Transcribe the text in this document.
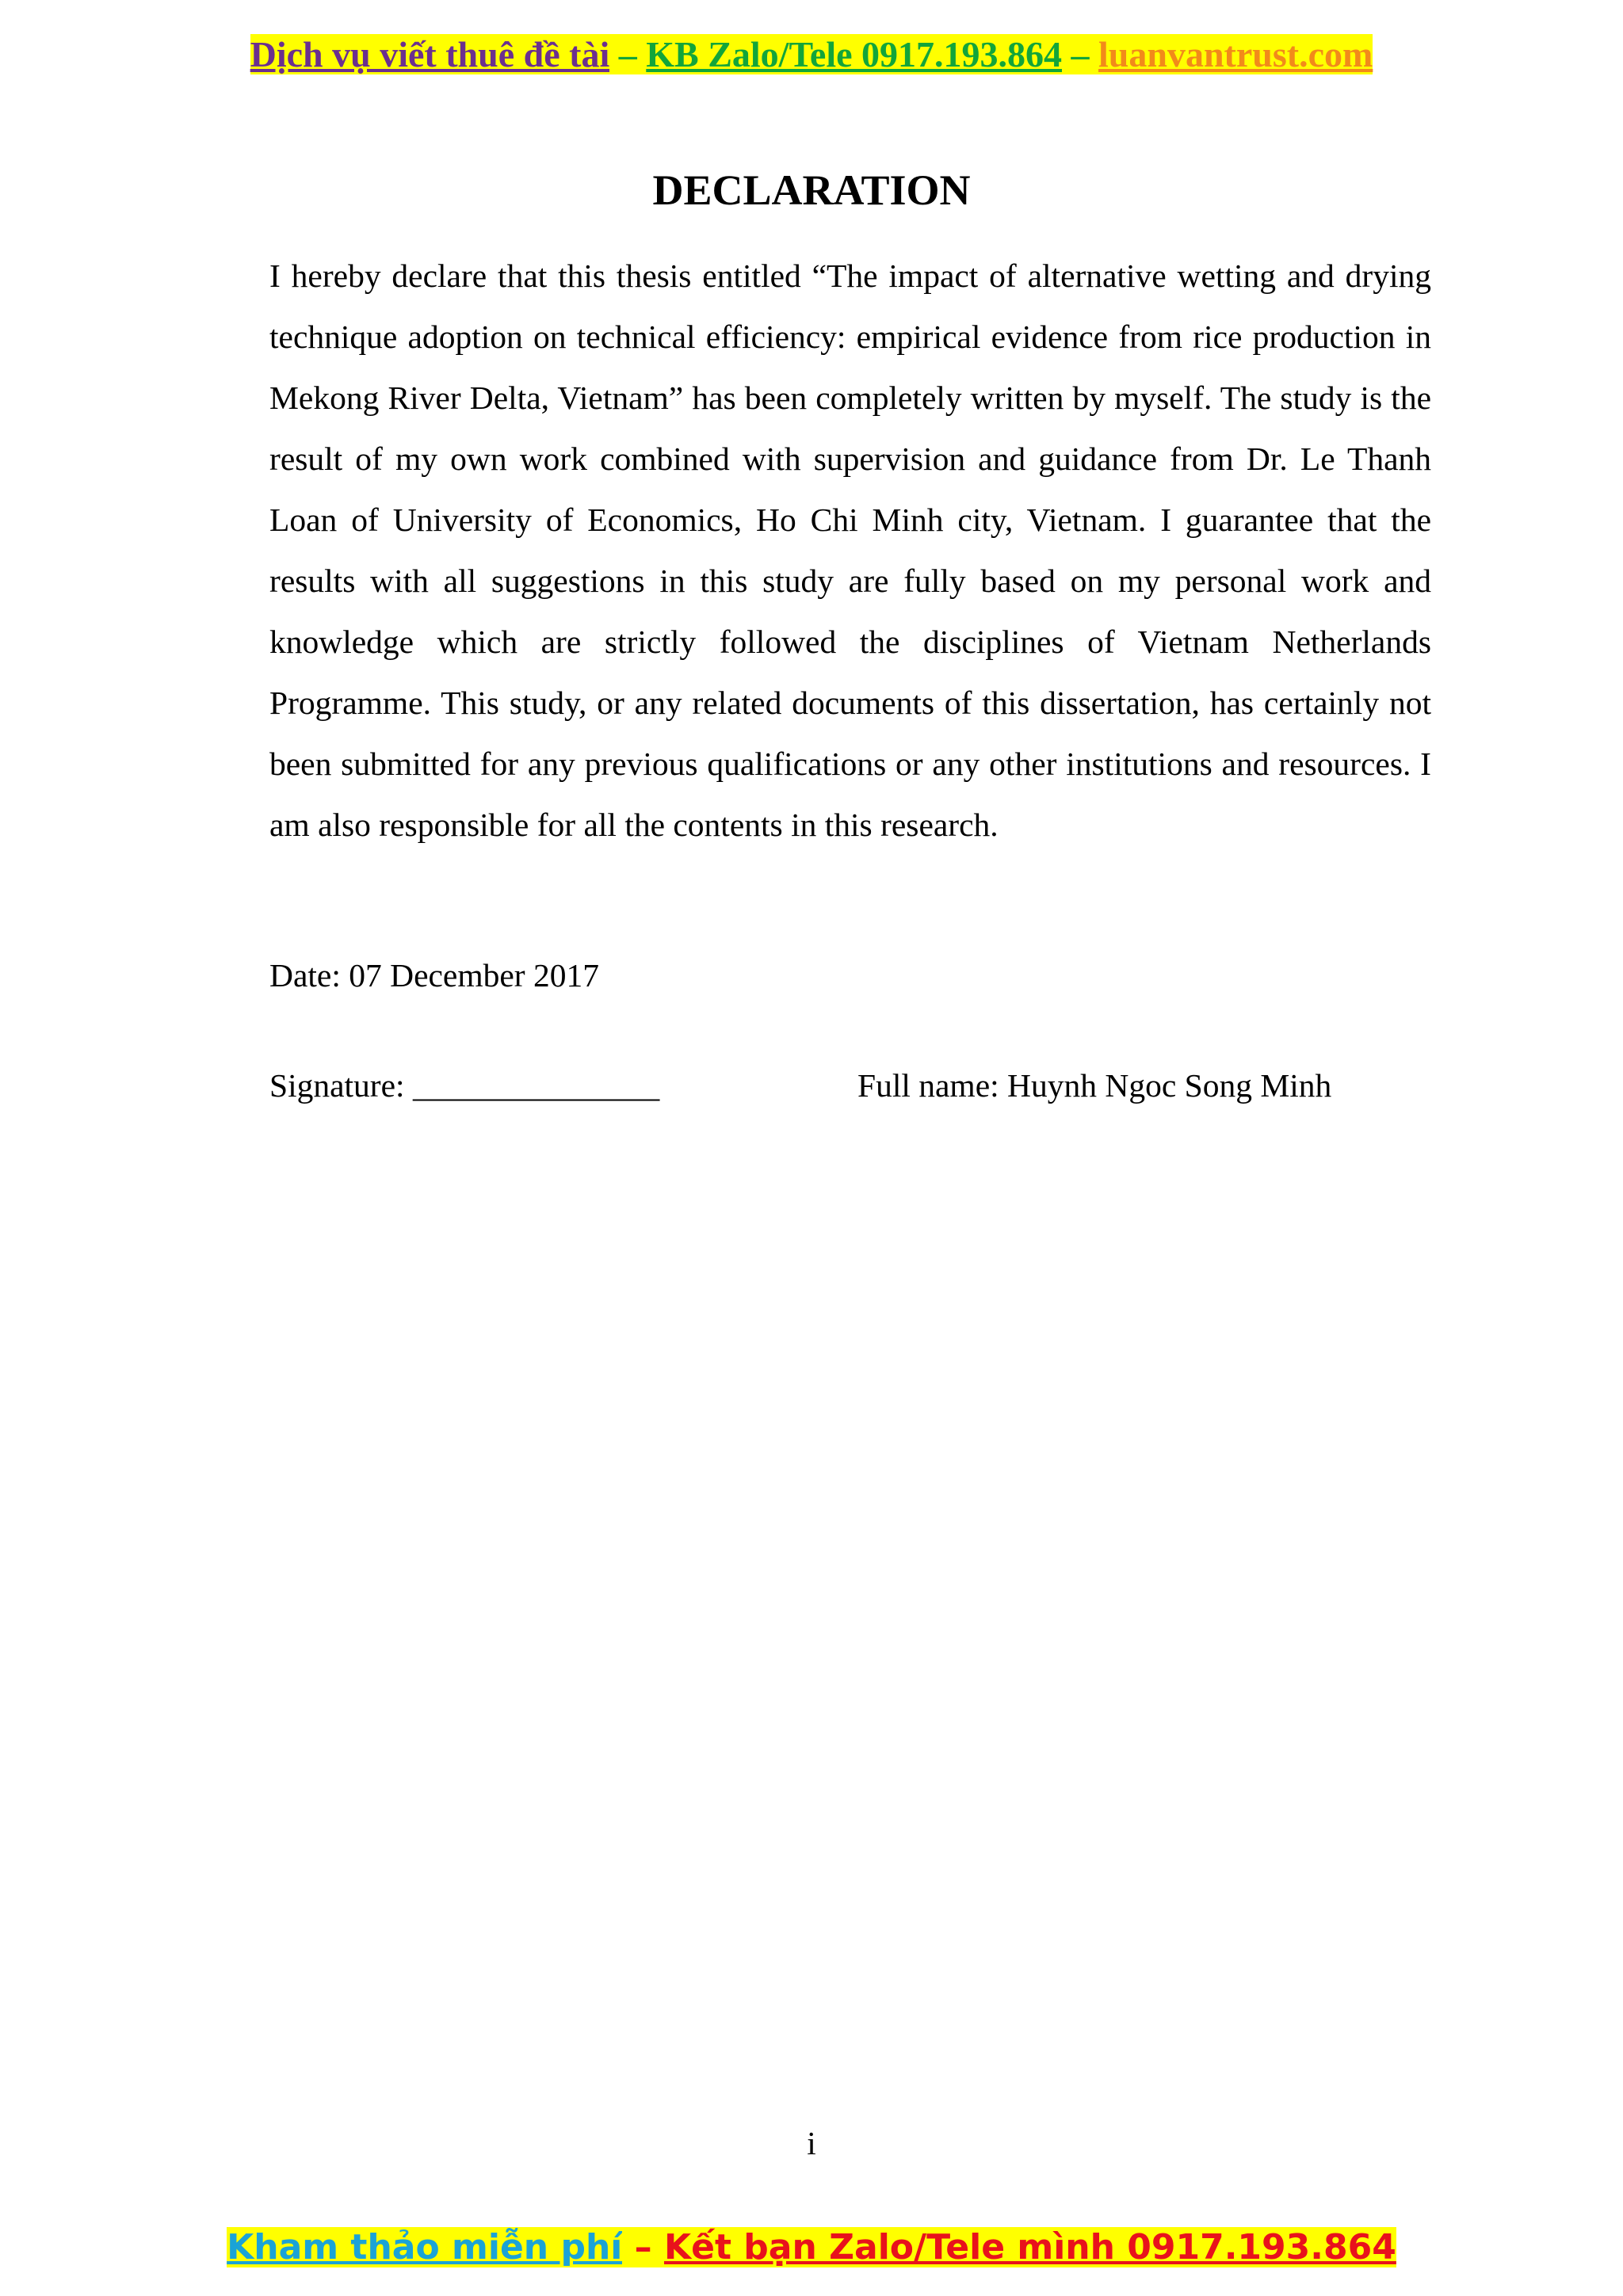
Dịch vụ viết thuê đề tài – KB Zalo/Tele 0917.193.864 – luanvantrust.com
DECLARATION
I hereby declare that this thesis entitled “The impact of alternative wetting and drying technique adoption on technical efficiency: empirical evidence from rice production in Mekong River Delta, Vietnam” has been completely written by myself. The study is the result of my own work combined with supervision and guidance from Dr. Le Thanh Loan of University of Economics, Ho Chi Minh city, Vietnam. I guarantee that the results with all suggestions in this study are fully based on my personal work and knowledge which are strictly followed the disciplines of Vietnam Netherlands Programme. This study, or any related documents of this dissertation, has certainly not been submitted for any previous qualifications or any other institutions and resources. I am also responsible for all the contents in this research.
Date: 07 December 2017
Signature: _______________	Full name: Huynh Ngoc Song Minh
i
Kham thảo miễn phí – Kết bạn Zalo/Tele mình 0917.193.864
